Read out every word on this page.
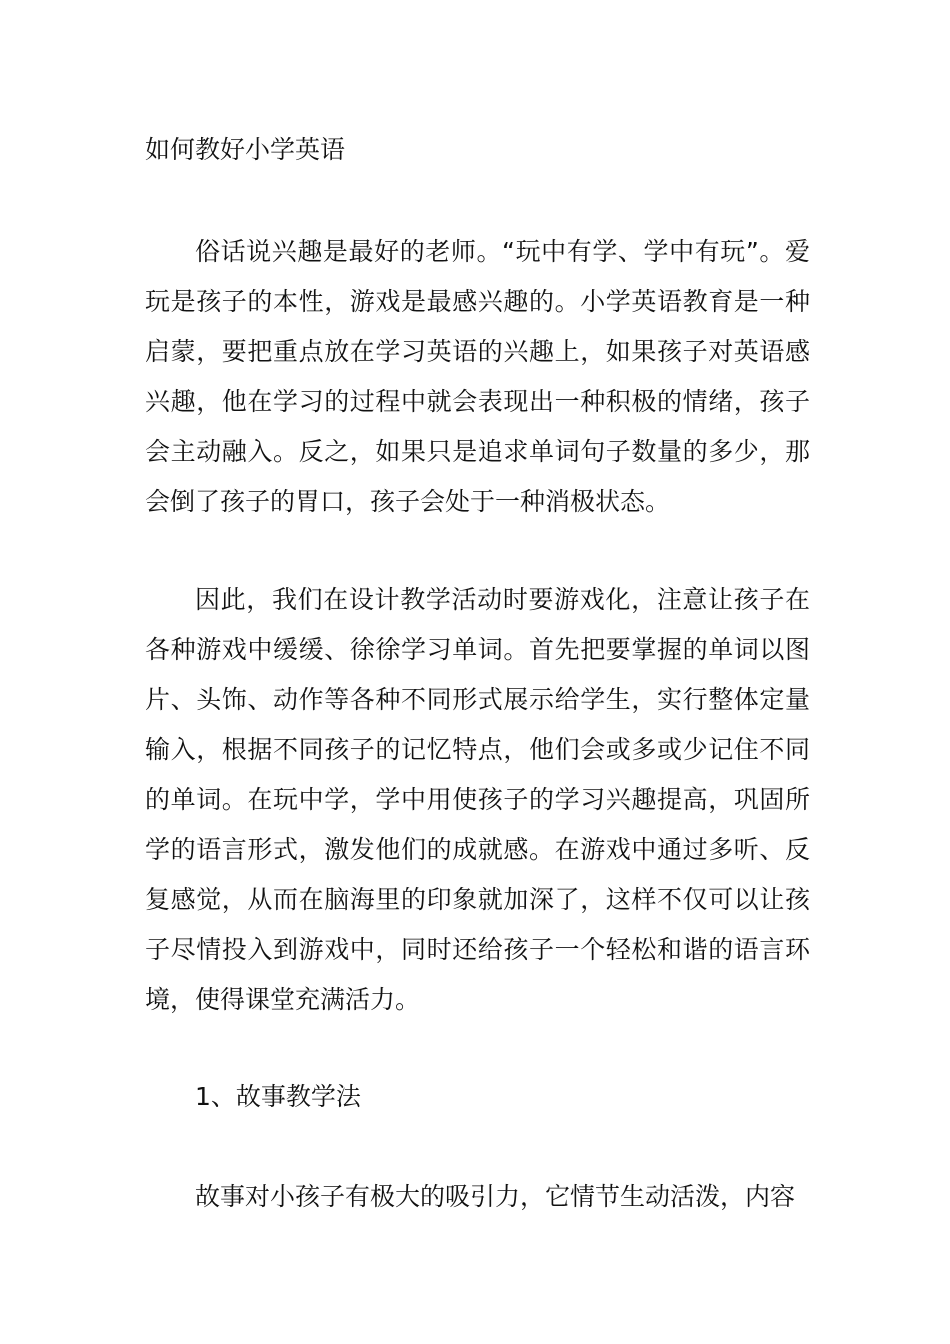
如何教好小学英语

俗话说兴趣是最好的老师。“玩中有学、学中有玩”。爱玩是孩子的本性，游戏是最感兴趣的。小学英语教育是一种启蒙，要把重点放在学习英语的兴趣上，如果孩子对英语感兴趣，他在学习的过程中就会表现出一种积极的情绪，孩子会主动融入。反之，如果只是追求单词句子数量的多少，那会倒了孩子的胃口，孩子会处于一种消极状态。

因此，我们在设计教学活动时要游戏化，注意让孩子在各种游戏中缓缓、徐徐学习单词。首先把要掌握的单词以图片、头饰、动作等各种不同形式展示给学生，实行整体定量输入，根据不同孩子的记忆特点，他们会或多或少记住不同的单词。在玩中学，学中用使孩子的学习兴趣提高，巩固所学的语言形式，激发他们的成就感。在游戏中通过多听、反复感觉，从而在脑海里的印象就加深了，这样不仅可以让孩子尽情投入到游戏中，同时还给孩子一个轻松和谐的语言环境，使得课堂充满活力。

1、故事教学法

故事对小孩子有极大的吸引力，它情节生动活泼，内容
